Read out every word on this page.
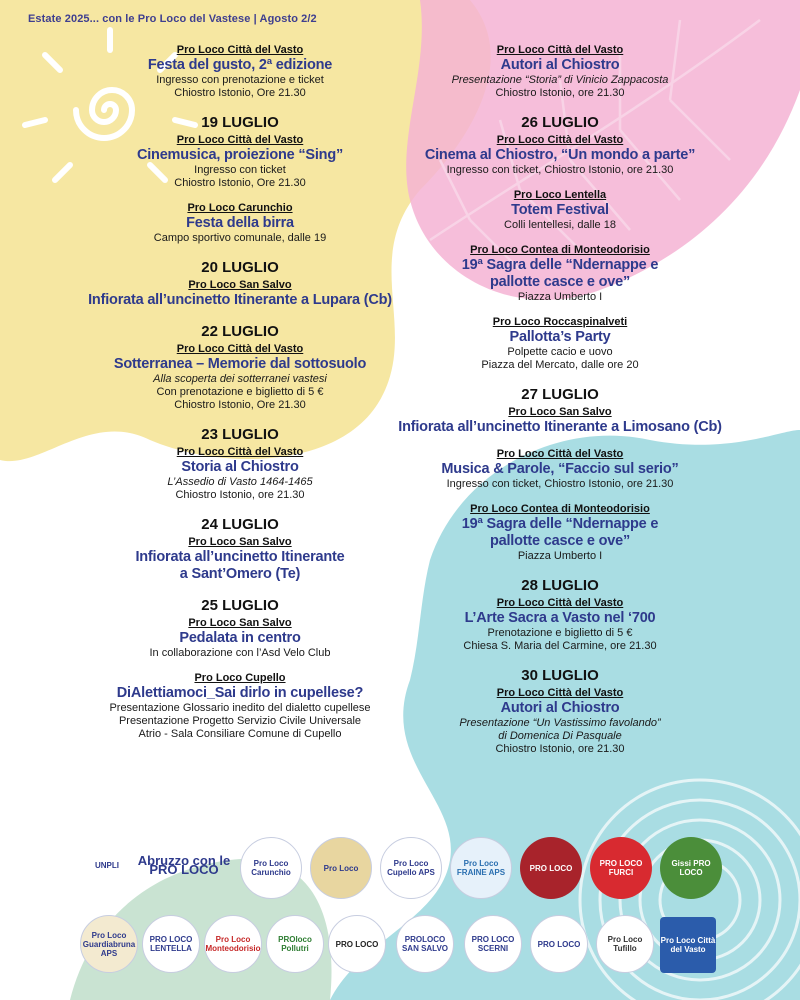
Estate 2025... con le Pro Loco del Vastese | Agosto 2/2
Pro Loco Città del Vasto
Festa del gusto, 2ª edizione
Ingresso con prenotazione e ticket
Chiostro Istonio, Ore 21.30
19 LUGLIO
Pro Loco Città del Vasto
Cinemusica, proiezione “Sing”
Ingresso con ticket
Chiostro Istonio, Ore 21.30
Pro Loco Carunchio
Festa della birra
Campo sportivo comunale, dalle 19
20 LUGLIO
Pro Loco San Salvo
Infiorata all’uncinetto Itinerante a Lupara (Cb)
22 LUGLIO
Pro Loco Città del Vasto
Sotterranea – Memorie dal sottosuolo
Alla scoperta dei sotterranei vastesi
Con prenotazione e biglietto di 5 €
Chiostro Istonio, Ore 21.30
23 LUGLIO
Pro Loco Città del Vasto
Storia al Chiostro
L’Assedio di Vasto 1464-1465
Chiostro Istonio, ore 21.30
24 LUGLIO
Pro Loco San Salvo
Infiorata all’uncinetto Itinerante
a Sant’Omero (Te)
25 LUGLIO
Pro Loco San Salvo
Pedalata in centro
In collaborazione con l’Asd Velo Club
Pro Loco Cupello
DiAlettiamoci_Sai dirlo in cupellese?
Presentazione Glossario inedito del dialetto cupellese
Presentazione Progetto Servizio Civile Universale
Atrio - Sala Consiliare Comune di Cupello
Pro Loco Città del Vasto
Autori al Chiostro
Presentazione “Storia” di Vinicio Zappacosta
Chiostro Istonio, ore 21.30
26 LUGLIO
Pro Loco Città del Vasto
Cinema al Chiostro, “Un mondo a parte”
Ingresso con ticket, Chiostro Istonio, ore 21.30
Pro Loco Lentella
Totem Festival
Colli lentellesi, dalle 18
Pro Loco Contea di Monteodorisio
19ª Sagra delle “Ndernappe e
pallotte casce e ove”
Piazza Umberto I
Pro Loco Roccaspinalveti
Pallotta’s Party
Polpette cacio e uovo
Piazza del Mercato, dalle ore 20
27 LUGLIO
Pro Loco San Salvo
Infiorata all’uncinetto Itinerante a Limosano (Cb)
Pro Loco Città del Vasto
Musica & Parole, “Faccio sul serio”
Ingresso con ticket, Chiostro Istonio, ore 21.30
Pro Loco Contea di Monteodorisio
19ª Sagra delle “Ndernappe e
pallotte casce e ove”
Piazza Umberto I
28 LUGLIO
Pro Loco Città del Vasto
L’Arte Sacra a Vasto nel ‘700
Prenotazione e biglietto di 5 €
Chiesa S. Maria del Carmine, ore 21.30
30 LUGLIO
Pro Loco Città del Vasto
Autori al Chiostro
Presentazione “Un Vastissimo favolando”
di Domenica Di Pasquale
Chiostro Istonio, ore 21.30
UNPLI Abruzzo con le PRO LOCO	Pro Loco Carunchio	Pro Loco	Pro Loco Cupello APS
Pro Loco FRAINE APS	PRO LOCO	PRO LOCO FURCI
Gissi PRO LOCO
Pro Loco Guardiabruna APS
PRO LOCO LENTELLA
Pro Loco Monteodorisio
PROloco Pollutri	PRO LOCO	PROLOCO SAN SALVO
PRO LOCO SCERNI	PRO LOCO	Pro Loco Tufillo
Pro Loco Città del Vasto
